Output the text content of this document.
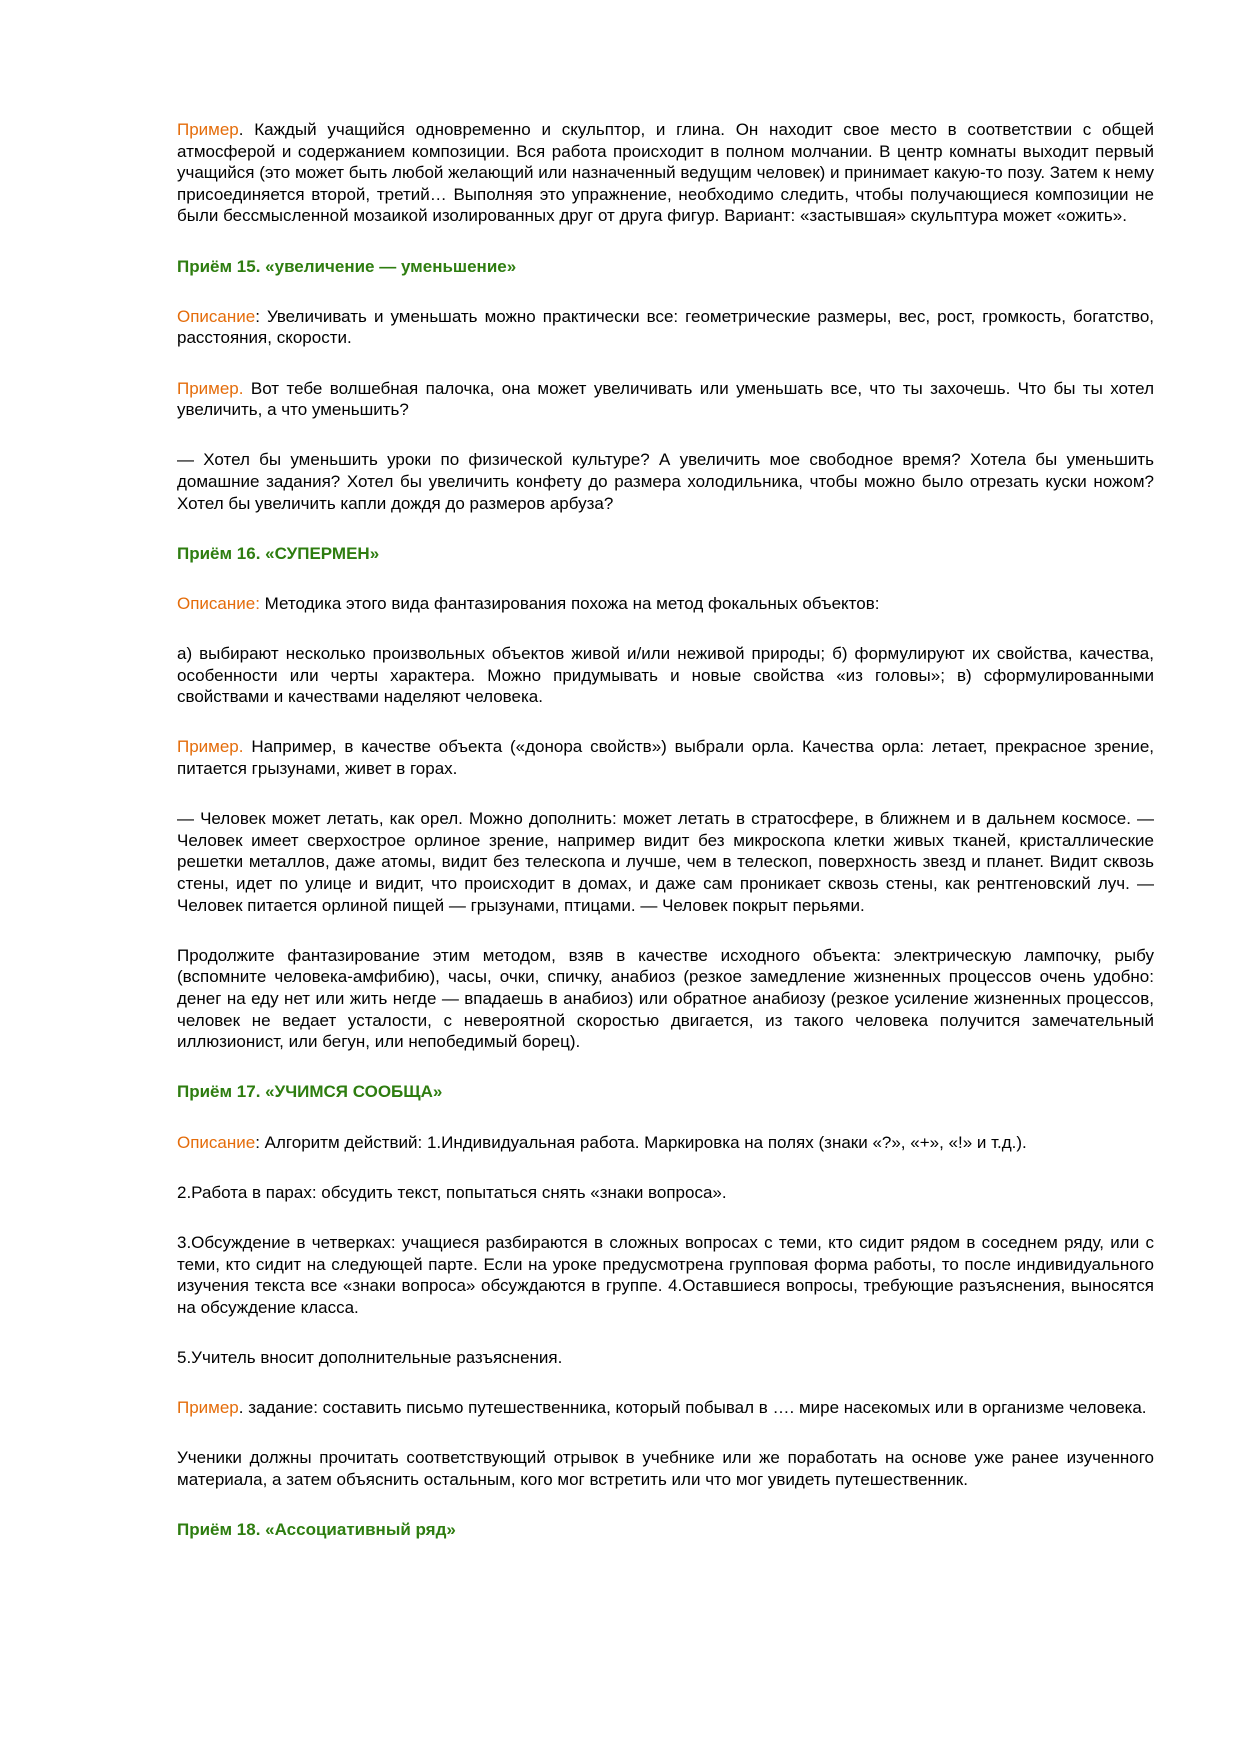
Пример. Каждый учащийся одновременно и скульптор, и глина. Он находит свое место в соответствии с общей атмосферой и содержанием композиции. Вся работа происходит в полном молчании. В центр комнаты выходит первый учащийся (это может быть любой желающий или назначенный ведущим человек) и принимает какую-то позу. Затем к нему присоединяется второй, третий… Выполняя это упражнение, необходимо следить, чтобы получающиеся композиции не были бессмысленной мозаикой изолированных друг от друга фигур. Вариант: «застывшая» скульптура может «ожить».

Приём 15. «увеличение — уменьшение»

Описание: Увеличивать и уменьшать можно практически все: геометрические размеры, вес, рост, громкость, богатство, расстояния, скорости.

Пример. Вот тебе волшебная палочка, она может увеличивать или уменьшать все, что ты захочешь. Что бы ты хотел увеличить, а что уменьшить?

— Хотел бы уменьшить уроки по физической культуре? А увеличить мое свободное время? Хотела бы уменьшить домашние задания? Хотел бы увеличить конфету до размера холодильника, чтобы можно было отрезать куски ножом? Хотел бы увеличить капли дождя до размеров арбуза?

Приём 16. «СУПЕРМЕН»

Описание: Методика этого вида фантазирования похожа на метод фокальных объектов:

а) выбирают несколько произвольных объектов живой и/или неживой природы; б) формулируют их свойства, качества, особенности или черты характера. Можно придумывать и новые свойства «из головы»; в) сформулированными свойствами и качествами наделяют человека.

Пример. Например, в качестве объекта («донора свойств») выбрали орла. Качества орла: летает, прекрасное зрение, питается грызунами, живет в горах.

— Человек может летать, как орел. Можно дополнить: может летать в стратосфере, в ближнем и в дальнем космосе. — Человек имеет сверхострое орлиное зрение, например видит без микроскопа клетки живых тканей, кристаллические решетки металлов, даже атомы, видит без телескопа и лучше, чем в телескоп, поверхность звезд и планет. Видит сквозь стены, идет по улице и видит, что происходит в домах, и даже сам проникает сквозь стены, как рентгеновский луч. — Человек питается орлиной пищей — грызунами, птицами. — Человек покрыт перьями.

Продолжите фантазирование этим методом, взяв в качестве исходного объекта: электрическую лампочку, рыбу (вспомните человека-амфибию), часы, очки, спичку, анабиоз (резкое замедление жизненных процессов очень удобно: денег на еду нет или жить негде — впадаешь в анабиоз) или обратное анабиозу (резкое усиление жизненных процессов, человек не ведает усталости, с невероятной скоростью двигается, из такого человека получится замечательный иллюзионист, или бегун, или непобедимый борец).

Приём 17. «УЧИМСЯ СООБЩА»

Описание: Алгоритм действий: 1.Индивидуальная работа. Маркировка на полях (знаки «?», «+», «!» и т.д.).

2.Работа в парах: обсудить текст, попытаться снять «знаки вопроса».

3.Обсуждение в четверках: учащиеся разбираются в сложных вопросах с теми, кто сидит рядом в соседнем ряду, или с теми, кто сидит на следующей парте. Если на уроке предусмотрена групповая форма работы, то после индивидуального изучения текста все «знаки вопроса» обсуждаются в группе. 4.Оставшиеся вопросы, требующие разъяснения, выносятся на обсуждение класса.

5.Учитель вносит дополнительные разъяснения.

Пример. задание: составить письмо путешественника, который побывал в …. мире насекомых или в организме человека.

Ученики должны прочитать соответствующий отрывок в учебнике или же поработать на основе уже ранее изученного материала, а затем объяснить остальным, кого мог встретить или что мог увидеть путешественник.

Приём 18. «Ассоциативный ряд»
